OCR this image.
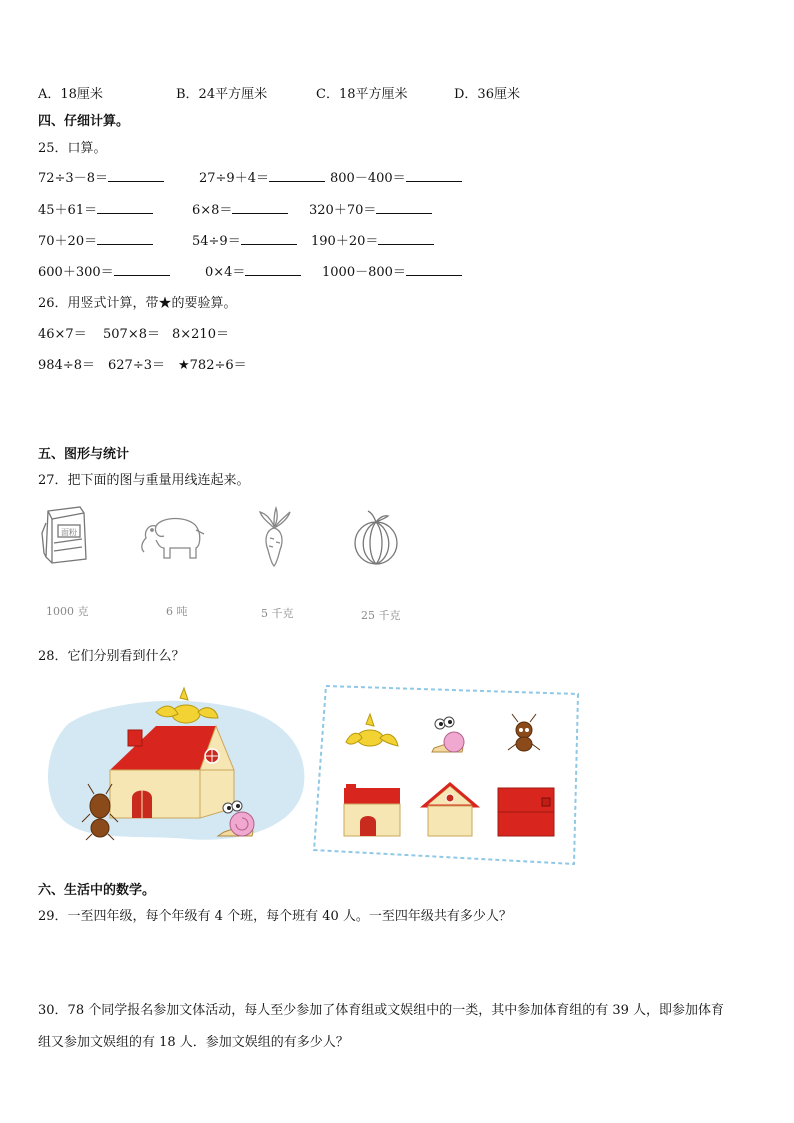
A．18厘米	B．24平方厘米	C．18平方厘米	D．36厘米
四、仔细计算。
25．口算。
72÷3－8＝	27÷9＋4＝	800－400＝
45＋61＝	6×8＝	320＋70＝
70＋20＝	54÷9＝	190＋20＝
600＋300＝	0×4＝	1000－800＝
26．用竖式计算，带★的要验算。
46×7＝ 507×8＝ 8×210＝
984÷8＝ 627÷3＝ ★782÷6＝
五、图形与统计
27．把下面的图与重量用线连起来。
面粉
1000 克	6 吨	5 千克	25 千克
28．它们分别看到什么？
六、生活中的数学。
29．一至四年级，每个年级有 4 个班，每个班有 40 人。一至四年级共有多少人？
30．78 个同学报名参加文体活动，每人至少参加了体育组或文娱组中的一类，其中参加体育组的有 39 人，即参加体育
组又参加文娱组的有 18 人．参加文娱组的有多少人？
